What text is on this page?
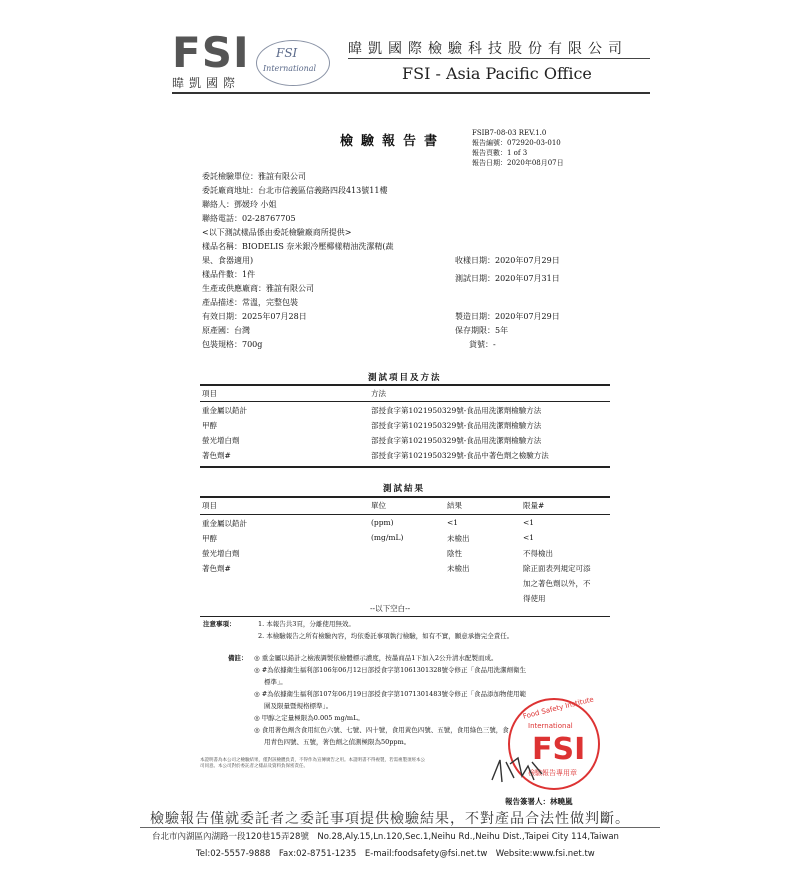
FSI
暐凱國際
FSI
International
暐凱國際檢驗科技股份有限公司
FSI - Asia Pacific Office
檢驗報告書
FSIB7-08-03 REV.1.0
報告編號：072920-03-010
報告頁數：1 of 3
報告日期：2020年08月07日
委託檢驗單位：雅誼有限公司
委託廠商地址：台北市信義區信義路四段413號11樓
聯絡人：鄧媛玲 小姐
聯絡電話：02-28767705
<以下測試樣品係由委託檢驗廠商所提供>
樣品名稱：BIODELIS 奈米銀冷壓椰樣精油洗潔精(蔬
果、食器適用)
樣品件數：1件
生產或供應廠商：雅誼有限公司
產品描述：常溫，完整包裝
有效日期：2025年07月28日
原產國：台灣
包裝規格：700g
收樣日期：2020年07月29日
測試日期：2020年07月31日
製造日期：2020年07月29日
保存期限：5年
貨號：-
測試項目及方法
項目	方法
重金屬以鉛計	部授食字第1021950329號-食品用洗潔劑檢驗方法
甲醇	部授食字第1021950329號-食品用洗潔劑檢驗方法
螢光增白劑	部授食字第1021950329號-食品用洗潔劑檢驗方法
著色劑#	部授食字第1021950329號-食品中著色劑之檢驗方法
測試結果
項目	單位	結果	限量#
重金屬以鉛計	(ppm)	<1	<1
甲醇	(mg/mL)	未檢出	<1
螢光增白劑		陰性	不得檢出
著色劑#		未檢出	除正面表列規定可添
			加之著色劑以外，不
			得使用
--以下空白--
注意事項：	1. 本報告共3頁，分離使用無效。
2. 本檢驗報告之所有檢驗內容，均依委託事項執行檢驗，如有不實，願意承擔完全責任。
備註： ◎ 重金屬以鉛計之檢液調製依檢體標示濃度，按墨商品1下加入2公升清水配製而成。
◎ #為依據衛生福利部106年06月12日部授食字第1061301328號令修正「食品用洗潔劑衛生
標準」。
◎ #為依據衛生福利部107年06月19日部授食字第1071301483號令修正「食品添加物使用範
圍及限量暨規格標準」。
◎ 甲醇之定量極限為0.005 mg/mL。
◎ 食用著色劑含食用紅色六號、七號、四十號，食用黃色四號、五號，食用綠色三號，食
用青色四號、五號，著色劑之偵測極限為50ppm。
本證明書為本公司之檢驗結果，僅對該檢體負責，不得作為宣傳廣告之用。本證明書不得複製，若需複製須經本公司同意。本公司對於委託者之樣品及資料負保密責任。
Food Safety Institute
International
FSI
檢驗報告專用章
報告簽署人：林曉嵐
檢驗報告僅就委託者之委託事項提供檢驗結果，不對產品合法性做判斷。
台北市內湖區內湖路一段120巷15弄28號　No.28,Aly.15,Ln.120,Sec.1,Neihu Rd.,Neihu Dist.,Taipei City 114,Taiwan
Tel:02-5557-9888　Fax:02-8751-1235　E-mail:foodsafety@fsi.net.tw　Website:www.fsi.net.tw
